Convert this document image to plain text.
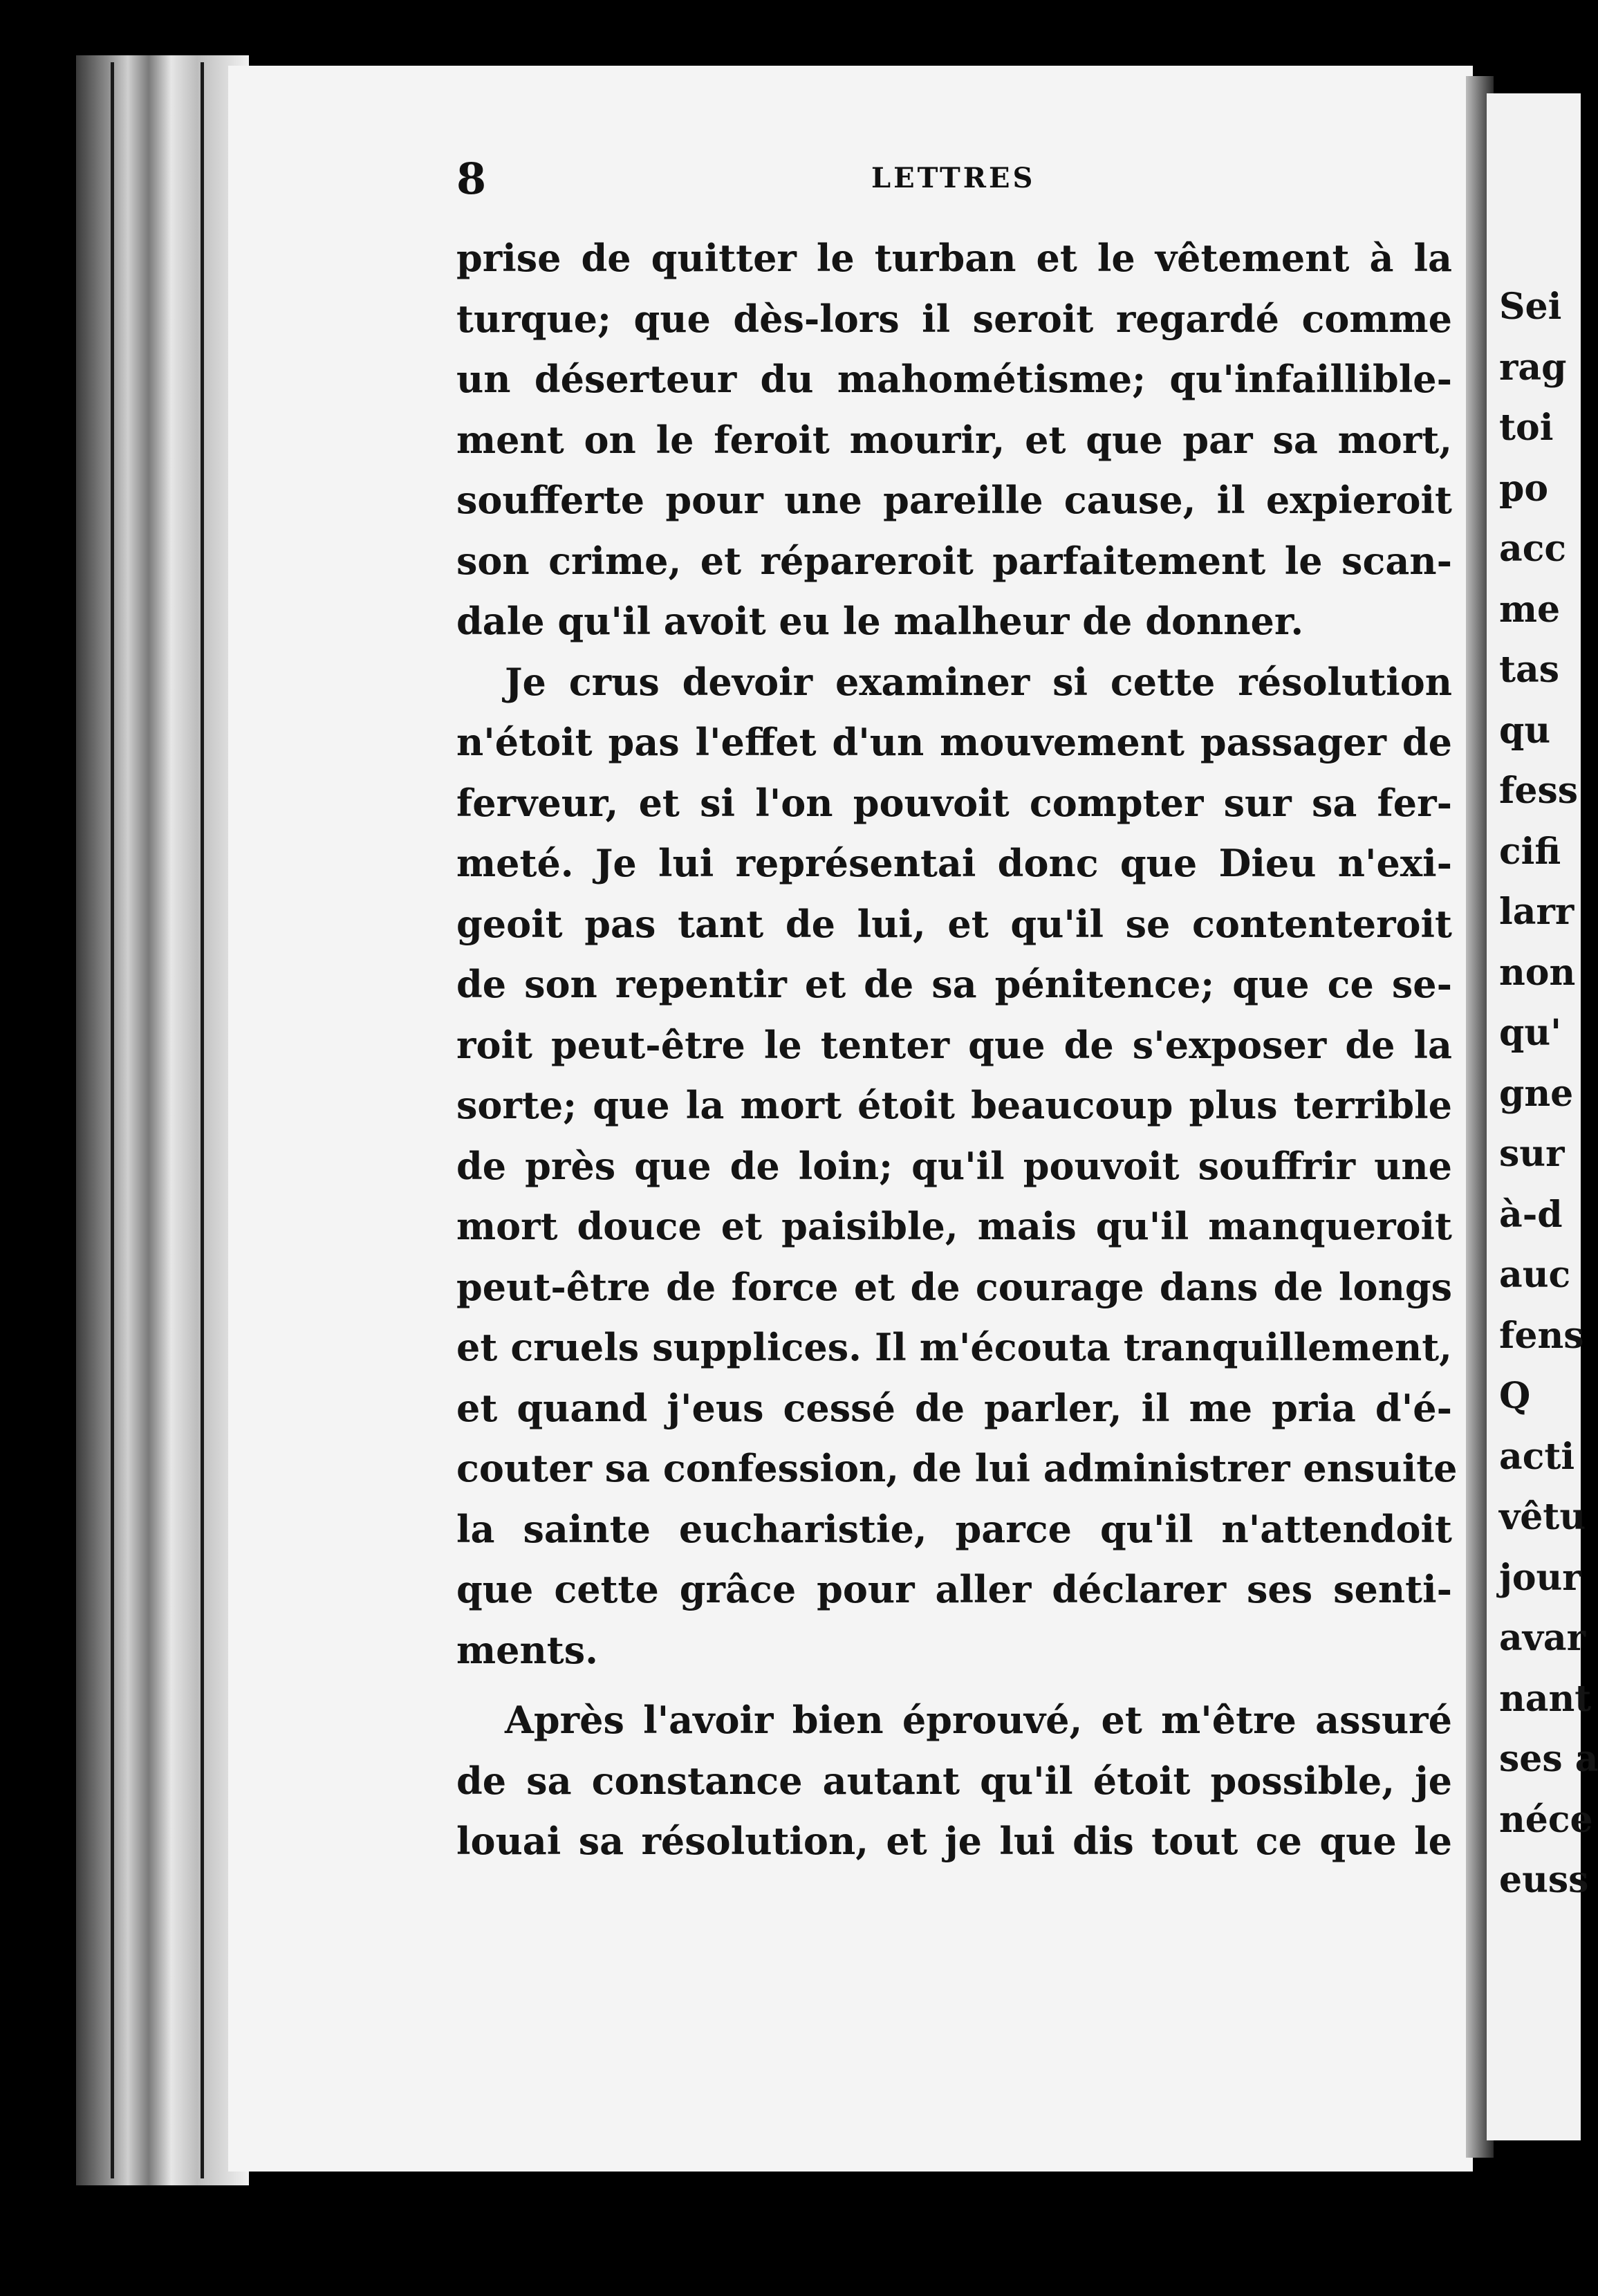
8	LETTRES
prise de quitter le turban et le vêtement à la
turque; que dès-lors il seroit regardé comme
un déserteur du mahométisme; qu'infaillible-
ment on le feroit mourir, et que par sa mort,
soufferte pour une pareille cause, il expieroit
son crime, et répareroit parfaitement le scan-
dale qu'il avoit eu le malheur de donner.
Je crus devoir examiner si cette résolution
n'étoit pas l'effet d'un mouvement passager de
ferveur, et si l'on pouvoit compter sur sa fer-
meté. Je lui représentai donc que Dieu n'exi-
geoit pas tant de lui, et qu'il se contenteroit
de son repentir et de sa pénitence; que ce se-
roit peut-être le tenter que de s'exposer de la
sorte; que la mort étoit beaucoup plus terrible
de près que de loin; qu'il pouvoit souffrir une
mort douce et paisible, mais qu'il manqueroit
peut-être de force et de courage dans de longs
et cruels supplices. Il m'écouta tranquillement,
et quand j'eus cessé de parler, il me pria d'é-
couter sa confession, de lui administrer ensuite
la sainte eucharistie, parce qu'il n'attendoit
que cette grâce pour aller déclarer ses senti-
ments.
Après l'avoir bien éprouvé, et m'être assuré
de sa constance autant qu'il étoit possible, je
louai sa résolution, et je lui dis tout ce que le
Sei
rag
toi
po
acc
me
tas
qu
fess
cifi
larr
non
qu'
gne
sur
à-d
auc
fens
Q
acti
vêtu
jour
avar
nant
ses a
néce
euss
